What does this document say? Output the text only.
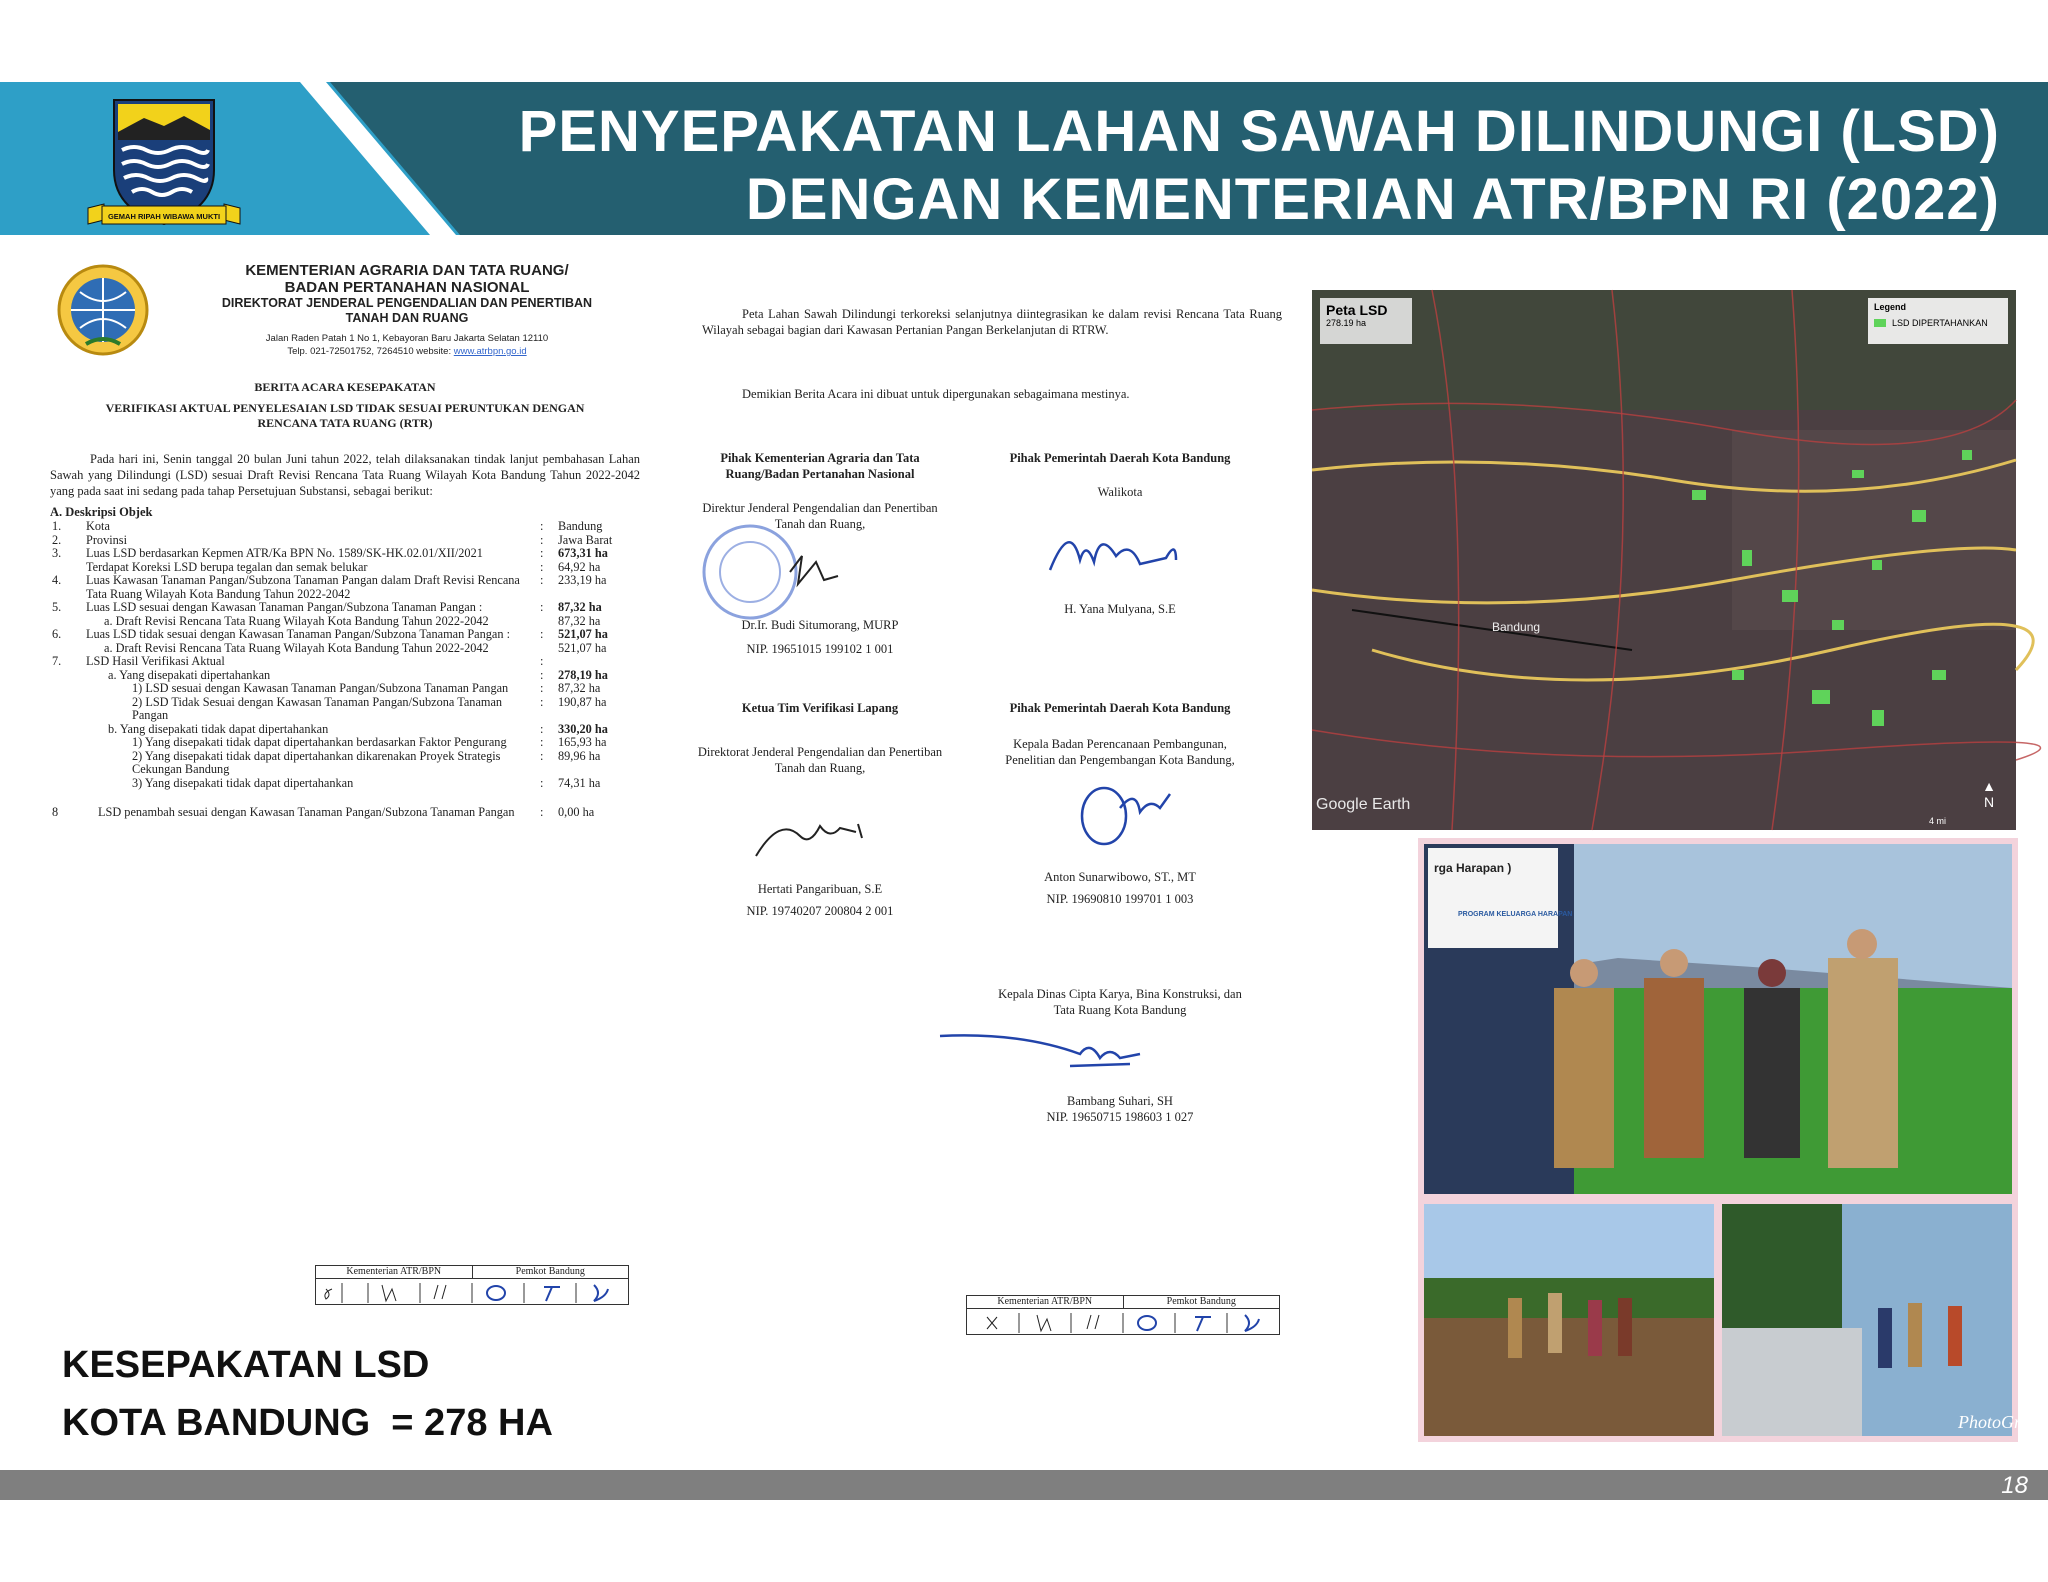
GEMAH RIPAH WIBAWA MUKTI
PENYEPAKATAN LAHAN SAWAH DILINDUNGI (LSD)
DENGAN KEMENTERIAN ATR/BPN RI (2022)
KEMENTERIAN AGRARIA DAN TATA RUANG/
BADAN PERTANAHAN NASIONAL
DIREKTORAT JENDERAL PENGENDALIAN DAN PENERTIBAN
TANAH DAN RUANG
Jalan Raden Patah 1 No 1, Kebayoran Baru Jakarta Selatan 12110
Telp. 021-72501752, 7264510 website: www.atrbpn.go.id
BERITA ACARA KESEPAKATAN
VERIFIKASI AKTUAL PENYELESAIAN LSD TIDAK SESUAI PERUNTUKAN DENGAN
RENCANA TATA RUANG (RTR)
Pada hari ini, Senin tanggal 20 bulan Juni tahun 2022, telah dilaksanakan tindak lanjut pembahasan Lahan Sawah yang Dilindungi (LSD) sesuai Draft Revisi Rencana Tata Ruang Wilayah Kota Bandung Tahun 2022-2042 yang pada saat ini sedang pada tahap Persetujuan Substansi, sebagai berikut:
A. Deskripsi Objek
1.	Kota	:	Bandung
2.	Provinsi	:	Jawa Barat
3.	Luas LSD berdasarkan Kepmen ATR/Ka BPN No. 1589/SK-HK.02.01/XII/2021	:	673,31 ha
	Terdapat Koreksi LSD berupa tegalan dan semak belukar	:	64,92 ha
4.	Luas Kawasan Tanaman Pangan/Subzona Tanaman Pangan dalam Draft Revisi Rencana Tata Ruang Wilayah Kota Bandung Tahun 2022-2042	:	233,19 ha
5.	Luas LSD sesuai dengan Kawasan Tanaman Pangan/Subzona Tanaman Pangan :	:	87,32 ha
	a. Draft Revisi Rencana Tata Ruang Wilayah Kota Bandung Tahun 2022-2042		87,32 ha
6.	Luas LSD tidak sesuai dengan Kawasan Tanaman Pangan/Subzona Tanaman Pangan :	:	521,07 ha
	a. Draft Revisi Rencana Tata Ruang Wilayah Kota Bandung Tahun 2022-2042		521,07 ha
7.	LSD Hasil Verifikasi Aktual	:	
	a. Yang disepakati dipertahankan	:	278,19 ha
	1) LSD sesuai dengan Kawasan Tanaman Pangan/Subzona Tanaman Pangan	:	87,32 ha
	2) LSD Tidak Sesuai dengan Kawasan Tanaman Pangan/Subzona Tanaman Pangan	:	190,87 ha
	b. Yang disepakati tidak dapat dipertahankan	:	330,20 ha
	1) Yang disepakati tidak dapat dipertahankan berdasarkan Faktor Pengurang	:	165,93 ha
	2) Yang disepakati tidak dapat dipertahankan dikarenakan Proyek Strategis Cekungan Bandung	:	89,96 ha
	3) Yang disepakati tidak dapat dipertahankan	:	74,31 ha
8	LSD penambah sesuai dengan Kawasan Tanaman Pangan/Subzona Tanaman Pangan	:	0,00 ha
Kementerian ATR/BPN	Pemkot Bandung
Peta Lahan Sawah Dilindungi terkoreksi selanjutnya diintegrasikan ke dalam revisi Rencana Tata Ruang Wilayah sebagai bagian dari Kawasan Pertanian Pangan Berkelanjutan di RTRW.
Demikian Berita Acara ini dibuat untuk dipergunakan sebagaimana mestinya.
Pihak Kementerian Agraria dan Tata Ruang/Badan Pertanahan Nasional
Direktur Jenderal Pengendalian dan Penertiban Tanah dan Ruang,
Dr.Ir. Budi Situmorang, MURP
NIP. 19651015 199102 1 001
Pihak Pemerintah Daerah Kota Bandung
Walikota
H. Yana Mulyana, S.E
Ketua Tim Verifikasi Lapang
Direktorat Jenderal Pengendalian dan Penertiban Tanah dan Ruang,
Hertati Pangaribuan, S.E
NIP. 19740207 200804 2 001
Pihak Pemerintah Daerah Kota Bandung
Kepala Badan Perencanaan Pembangunan, Penelitian dan Pengembangan Kota Bandung,
Anton Sunarwibowo, ST., MT
NIP. 19690810 199701 1 003
Kepala Dinas Cipta Karya, Bina Konstruksi, dan Tata Ruang Kota Bandung
Bambang Suhari, SH
NIP. 19650715 198603 1 027
Kementerian ATR/BPN	Pemkot Bandung
Peta LSD
278.19 ha
Legend
LSD DIPERTAHANKAN
Bandung
Google Earth
▲
N
4 mi
rga Harapan )
PROGRAM KELUARGA HARAPAN
PhotoGrid
KESEPAKATAN LSD
KOTA BANDUNG  = 278 HA
18
